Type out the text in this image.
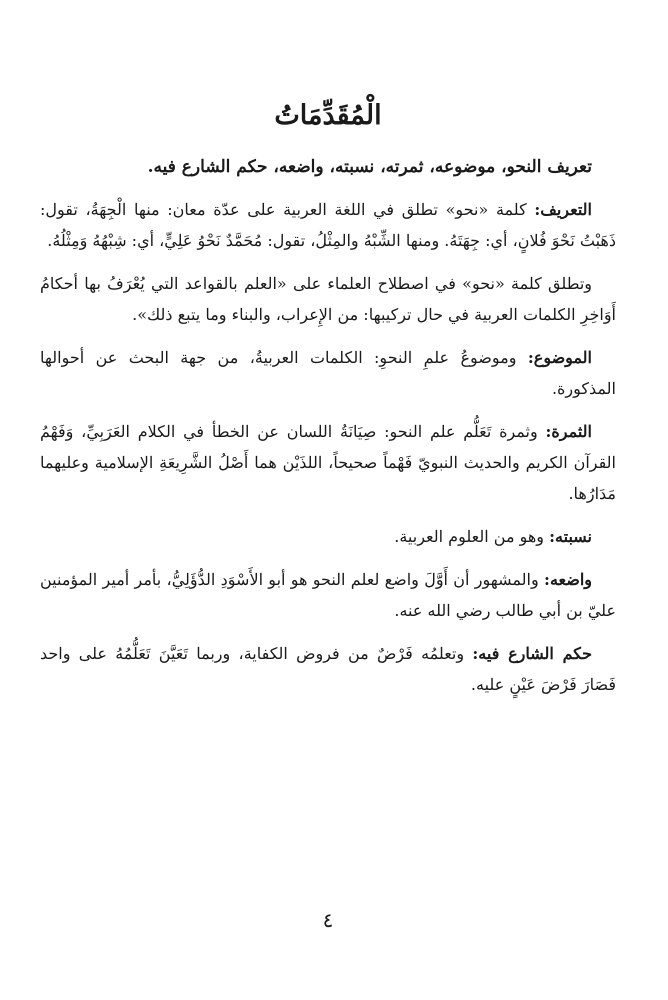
الْمُقَدِّمَاتُ
تعريف النحو، موضوعه، ثمرته، نسبته، واضعه، حكم الشارع فيه.

التعريف: كلمة «نحو» تطلق في اللغة العربية على عدّة معان: منها الْجِهَةُ، تقول: ذَهَبْتُ نَحْوَ فُلانٍ، أي: جِهَتَهُ. ومنها الشِّبْهُ والمِثْلُ، تقول: مُحَمَّدٌ نَحْوُ عَلِيٍّ، أي: شِبْهُهُ وَمِثْلُهُ.

وتطلق كلمة «نحو» في اصطلاح العلماء على «العلم بالقواعد التي يُعْرَفُ بها أحكامُ أَوَاخِرِ الكلمات العربية في حال تركيبها: من الإِعراب، والبناء وما يتبع ذلك».

الموضوع: وموضوعُ علمِ النحوِ: الكلمات العربيةُ، من جهة البحث عن أحوالها المذكورة.

الثمرة: وثمرة تَعَلُّم علم النحو: صِيَانَةُ اللسان عن الخطأ في الكلام العَرَبِيِّ، وَفَهْمُ القرآن الكريم والحديث النبويّ فَهْماً صحيحاً، اللذَيْن هما أَصْلُ الشَّرِيعَةِ الإسلامية وعليهما مَدَارُها.

نسبته: وهو من العلوم العربية.

واضعه: والمشهور أن أَوَّلَ واضع لعلم النحو هو أبو الأَسْوَدِ الدُّؤَلِيُّ، بأمر أمير المؤمنين عليّ بن أبي طالب رضي الله عنه.

حكم الشارع فيه: وتعلمُه فَرْضٌ من فروض الكفاية، وربما تَعَيَّنَ تَعَلُّمُهُ على واحد فَصَارَ فَرْضَ عَيْنٍ عليه.

٤
